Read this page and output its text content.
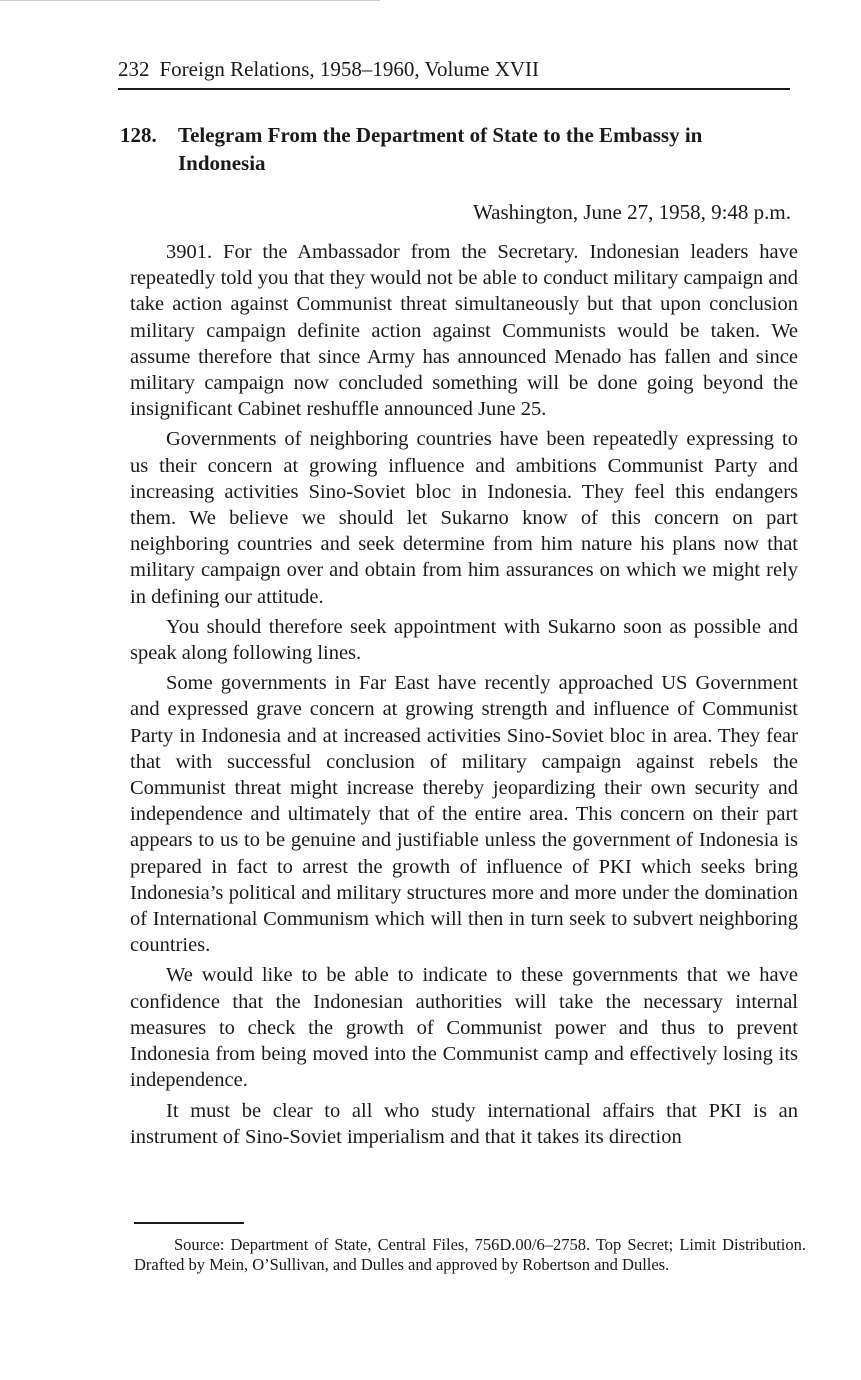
232 Foreign Relations, 1958–1960, Volume XVII
128. Telegram From the Department of State to the Embassy in Indonesia
Washington, June 27, 1958, 9:48 p.m.

3901. For the Ambassador from the Secretary. Indonesian leaders have repeatedly told you that they would not be able to conduct military campaign and take action against Communist threat simultaneously but that upon conclusion military campaign definite action against Communists would be taken. We assume therefore that since Army has announced Menado has fallen and since military campaign now concluded something will be done going beyond the insignificant Cabinet reshuffle announced June 25.

Governments of neighboring countries have been repeatedly expressing to us their concern at growing influence and ambitions Communist Party and increasing activities Sino-Soviet bloc in Indonesia. They feel this endangers them. We believe we should let Sukarno know of this concern on part neighboring countries and seek determine from him nature his plans now that military campaign over and obtain from him assurances on which we might rely in defining our attitude.

You should therefore seek appointment with Sukarno soon as possible and speak along following lines.

Some governments in Far East have recently approached US Government and expressed grave concern at growing strength and influence of Communist Party in Indonesia and at increased activities Sino-Soviet bloc in area. They fear that with successful conclusion of military campaign against rebels the Communist threat might increase thereby jeopardizing their own security and independence and ultimately that of the entire area. This concern on their part appears to us to be genuine and justifiable unless the government of Indonesia is prepared in fact to arrest the growth of influence of PKI which seeks bring Indonesia’s political and military structures more and more under the domination of International Communism which will then in turn seek to subvert neighboring countries.

We would like to be able to indicate to these governments that we have confidence that the Indonesian authorities will take the necessary internal measures to check the growth of Communist power and thus to prevent Indonesia from being moved into the Communist camp and effectively losing its independence.

It must be clear to all who study international affairs that PKI is an instrument of Sino-Soviet imperialism and that it takes its direction

Source: Department of State, Central Files, 756D.00/6–2758. Top Secret; Limit Distribution. Drafted by Mein, O’Sullivan, and Dulles and approved by Robertson and Dulles.
